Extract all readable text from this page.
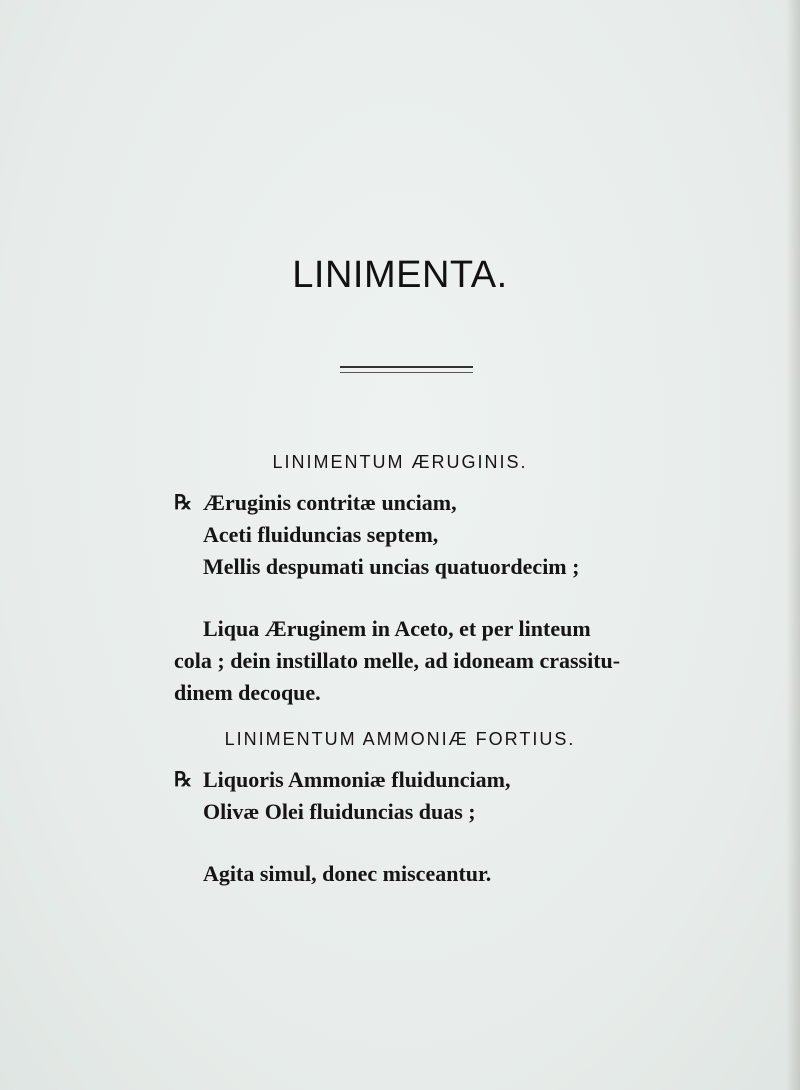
LINIMENTA.
LINIMENTUM ÆRUGINIS.
℞ Æruginis contritæ unciam,

Aceti fluiduncias septem,

Mellis despumati uncias quatuordecim ;

Liqua Æruginem in Aceto, et per linteum

cola ; dein instillato melle, ad idoneam crassitu-

dinem decoque.

LINIMENTUM AMMONIÆ FORTIUS.
℞ Liquoris Ammoniæ fluidunciam,

Olivæ Olei fluiduncias duas ;

Agita simul, donec misceantur.
